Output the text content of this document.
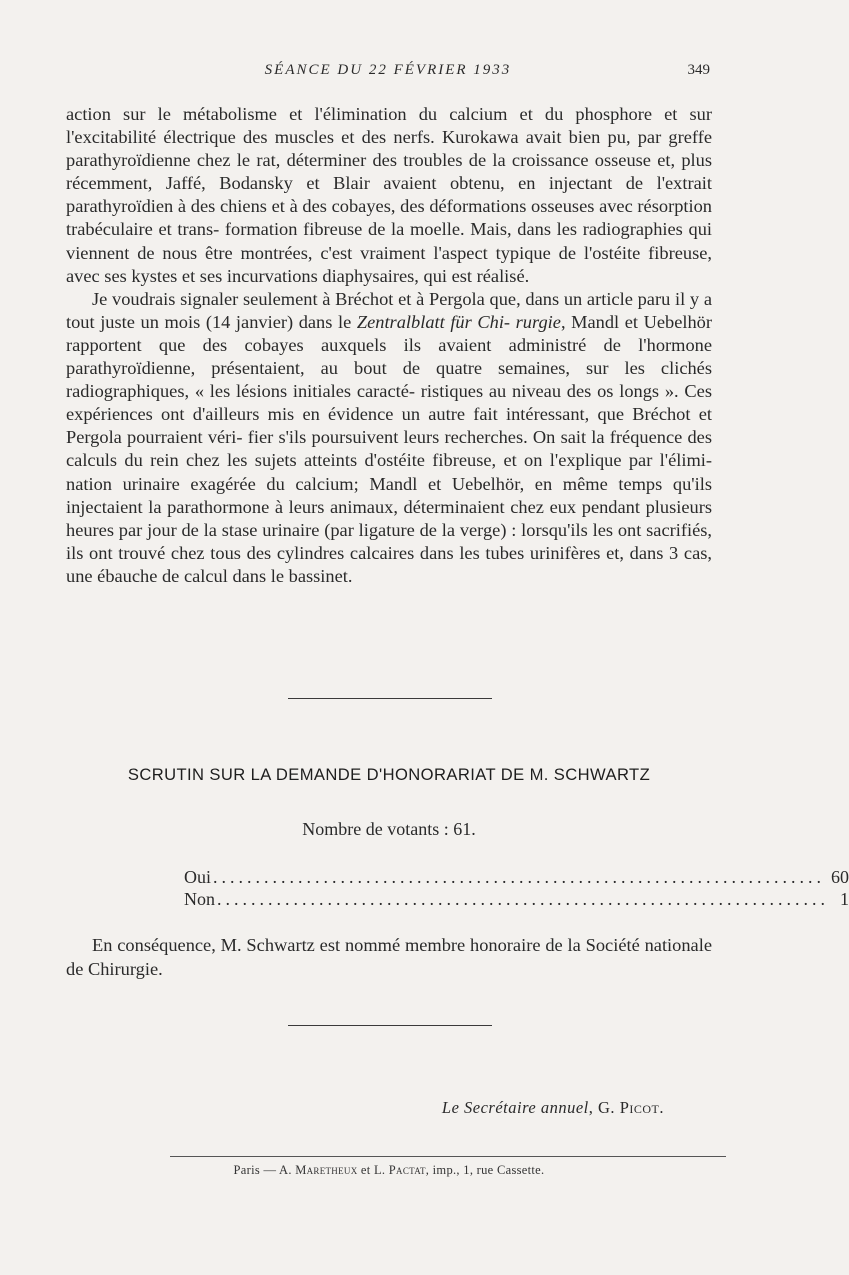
SÉANCE DU 22 FÉVRIER 1933	349

action sur le métabolisme et l'élimination du calcium et du phosphore et sur l'excitabilité électrique des muscles et des nerfs. Kurokawa avait bien pu, par greffe parathyroïdienne chez le rat, déterminer des troubles de la croissance osseuse et, plus récemment, Jaffé, Bodansky et Blair avaient obtenu, en injectant de l'extrait parathyroïdien à des chiens et à des cobayes, des déformations osseuses avec résorption trabéculaire et trans- formation fibreuse de la moelle. Mais, dans les radiographies qui viennent de nous être montrées, c'est vraiment l'aspect typique de l'ostéite fibreuse, avec ses kystes et ses incurvations diaphysaires, qui est réalisé.

Je voudrais signaler seulement à Bréchot et à Pergola que, dans un article paru il y a tout juste un mois (14 janvier) dans le Zentralblatt für Chi- rurgie, Mandl et Uebelhör rapportent que des cobayes auxquels ils avaient administré de l'hormone parathyroïdienne, présentaient, au bout de quatre semaines, sur les clichés radiographiques, « les lésions initiales caracté- ristiques au niveau des os longs ». Ces expériences ont d'ailleurs mis en évidence un autre fait intéressant, que Bréchot et Pergola pourraient véri- fier s'ils poursuivent leurs recherches. On sait la fréquence des calculs du rein chez les sujets atteints d'ostéite fibreuse, et on l'explique par l'élimi- nation urinaire exagérée du calcium; Mandl et Uebelhör, en même temps qu'ils injectaient la parathormone à leurs animaux, déterminaient chez eux pendant plusieurs heures par jour de la stase urinaire (par ligature de la verge) : lorsqu'ils les ont sacrifiés, ils ont trouvé chez tous des cylindres calcaires dans les tubes urinifères et, dans 3 cas, une ébauche de calcul dans le bassinet.

SCRUTIN SUR LA DEMANDE D'HONORARIAT DE M. SCHWARTZ
Nombre de votants : 61.
Oui ........................................................................ 60
Non ........................................................................ 1

En conséquence, M. Schwartz est nommé membre honoraire de la Société nationale de Chirurgie.

Le Secrétaire annuel, G. Picot.
Paris — A. Maretheux et L. Pactat, imp., 1, rue Cassette.
